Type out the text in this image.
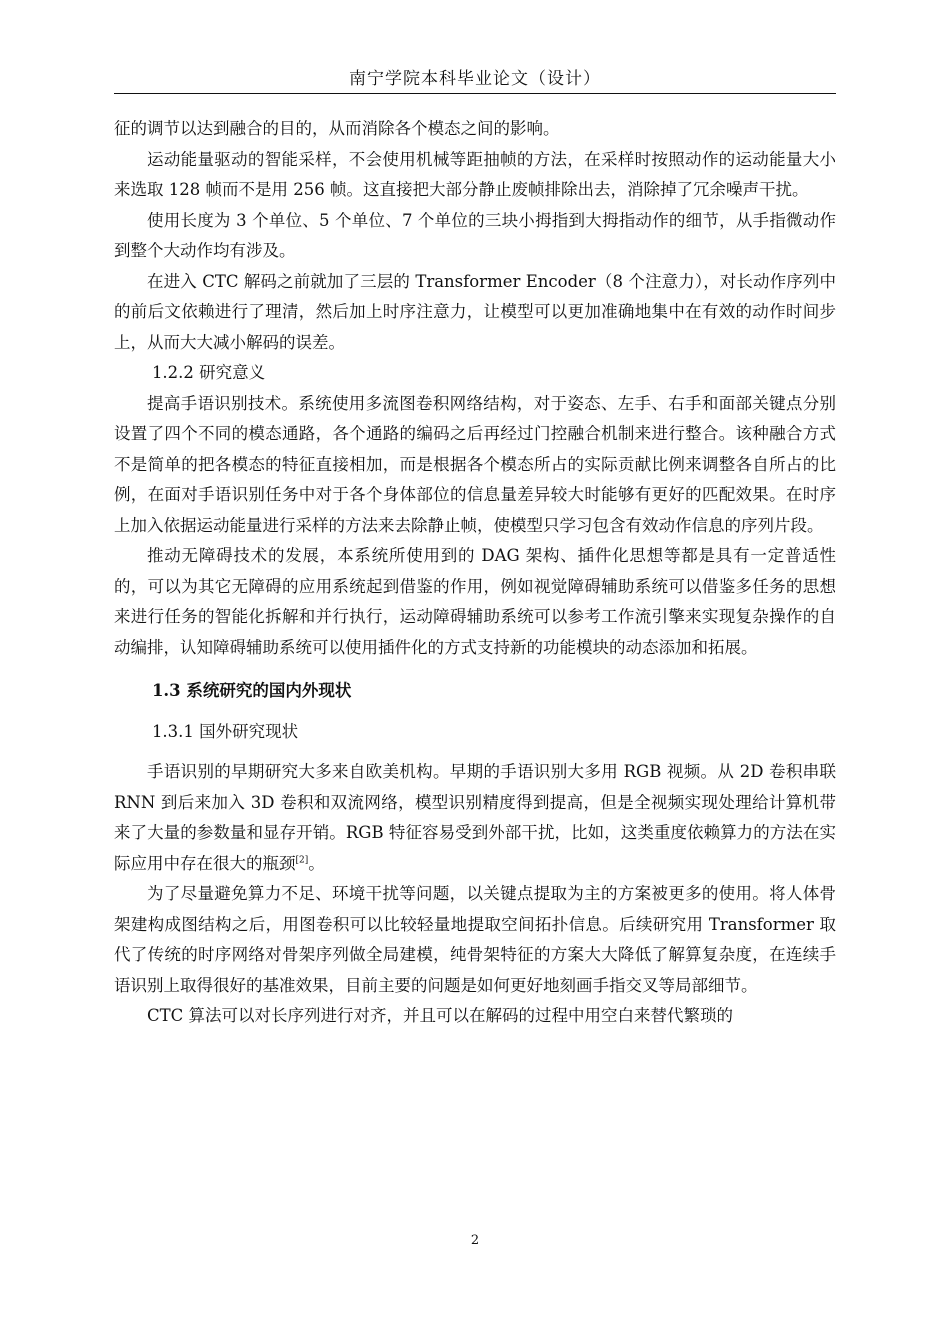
南宁学院本科毕业论文（设计）

征的调节以达到融合的目的，从而消除各个模态之间的影响。

运动能量驱动的智能采样，不会使用机械等距抽帧的方法，在采样时按照动作的运动能量大小来选取 128 帧而不是用 256 帧。这直接把大部分静止废帧排除出去，消除掉了冗余噪声干扰。

使用长度为 3 个单位、5 个单位、7 个单位的三块小拇指到大拇指动作的细节，从手指微动作到整个大动作均有涉及。

在进入 CTC 解码之前就加了三层的 Transformer Encoder（8 个注意力），对长动作序列中的前后文依赖进行了理清，然后加上时序注意力，让模型可以更加准确地集中在有效的动作时间步上，从而大大减小解码的误差。

1.2.2 研究意义

提高手语识别技术。系统使用多流图卷积网络结构，对于姿态、左手、右手和面部关键点分别设置了四个不同的模态通路，各个通路的编码之后再经过门控融合机制来进行整合。该种融合方式不是简单的把各模态的特征直接相加，而是根据各个模态所占的实际贡献比例来调整各自所占的比例，在面对手语识别任务中对于各个身体部位的信息量差异较大时能够有更好的匹配效果。在时序上加入依据运动能量进行采样的方法来去除静止帧，使模型只学习包含有效动作信息的序列片段。

推动无障碍技术的发展，本系统所使用到的 DAG 架构、插件化思想等都是具有一定普适性的，可以为其它无障碍的应用系统起到借鉴的作用，例如视觉障碍辅助系统可以借鉴多任务的思想来进行任务的智能化拆解和并行执行，运动障碍辅助系统可以参考工作流引擎来实现复杂操作的自动编排，认知障碍辅助系统可以使用插件化的方式支持新的功能模块的动态添加和拓展。

1.3 系统研究的国内外现状

1.3.1 国外研究现状

手语识别的早期研究大多来自欧美机构。早期的手语识别大多用 RGB 视频。从 2D 卷积串联 RNN 到后来加入 3D 卷积和双流网络，模型识别精度得到提高，但是全视频实现处理给计算机带来了大量的参数量和显存开销。RGB 特征容易受到外部干扰，比如，这类重度依赖算力的方法在实际应用中存在很大的瓶颈[2]。

为了尽量避免算力不足、环境干扰等问题，以关键点提取为主的方案被更多的使用。将人体骨架建构成图结构之后，用图卷积可以比较轻量地提取空间拓扑信息。后续研究用 Transformer 取代了传统的时序网络对骨架序列做全局建模，纯骨架特征的方案大大降低了解算复杂度，在连续手语识别上取得很好的基准效果，目前主要的问题是如何更好地刻画手指交叉等局部细节。

CTC 算法可以对长序列进行对齐，并且可以在解码的过程中用空白来替代繁琐的

2
